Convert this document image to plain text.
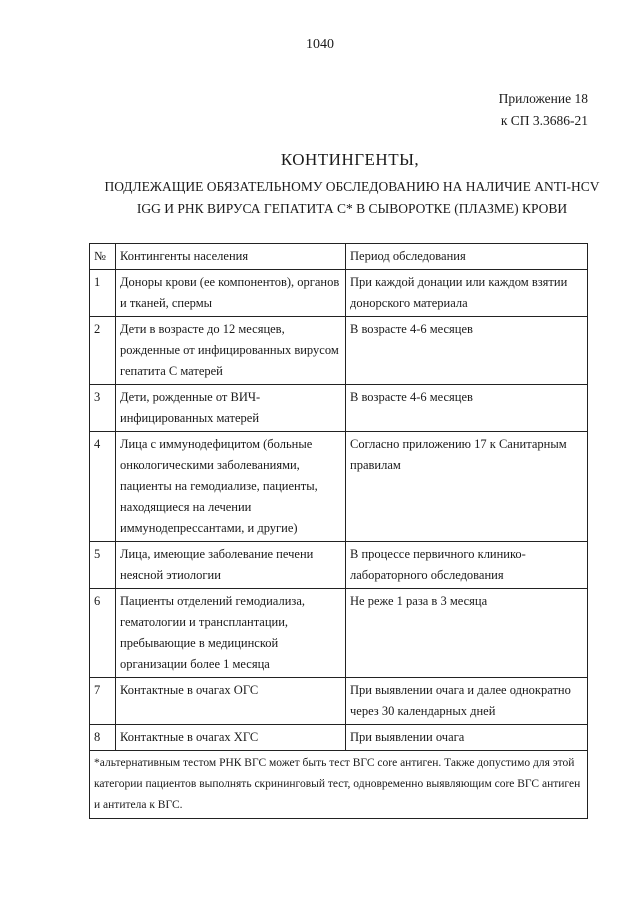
1040
Приложение 18
к СП 3.3686-21
КОНТИНГЕНТЫ,
ПОДЛЕЖАЩИЕ ОБЯЗАТЕЛЬНОМУ ОБСЛЕДОВАНИЮ НА НАЛИЧИЕ ANTI-HCV IGG И РНК ВИРУСА ГЕПАТИТА С* В СЫВОРОТКЕ (ПЛАЗМЕ) КРОВИ
№	Контингенты населения	Период обследования
1	Доноры крови (ее компонентов), органов и тканей, спермы	При каждой донации или каждом взятии донорского материала
2	Дети в возрасте до 12 месяцев, рожденные от инфицированных вирусом гепатита С матерей	В возрасте 4-6 месяцев
3	Дети, рожденные от ВИЧ-инфицированных матерей	В возрасте 4-6 месяцев
4	Лица с иммунодефицитом (больные онкологическими заболеваниями, пациенты на гемодиализе, пациенты, находящиеся на лечении иммунодепрессантами, и другие)	Согласно приложению 17 к Санитарным правилам
5	Лица, имеющие заболевание печени неясной этиологии	В процессе первичного клинико-лабораторного обследования
6	Пациенты отделений гемодиализа, гематологии и трансплантации, пребывающие в медицинской организации более 1 месяца	Не реже 1 раза в 3 месяца
7	Контактные в очагах ОГС	При выявлении очага и далее однократно через 30 календарных дней
8	Контактные в очагах ХГС	При выявлении очага
*альтернативным тестом РНК ВГС может быть тест ВГС core антиген. Также допустимо для этой категории пациентов выполнять скрининговый тест, одновременно выявляющим core ВГС антиген и антитела к ВГС.		
